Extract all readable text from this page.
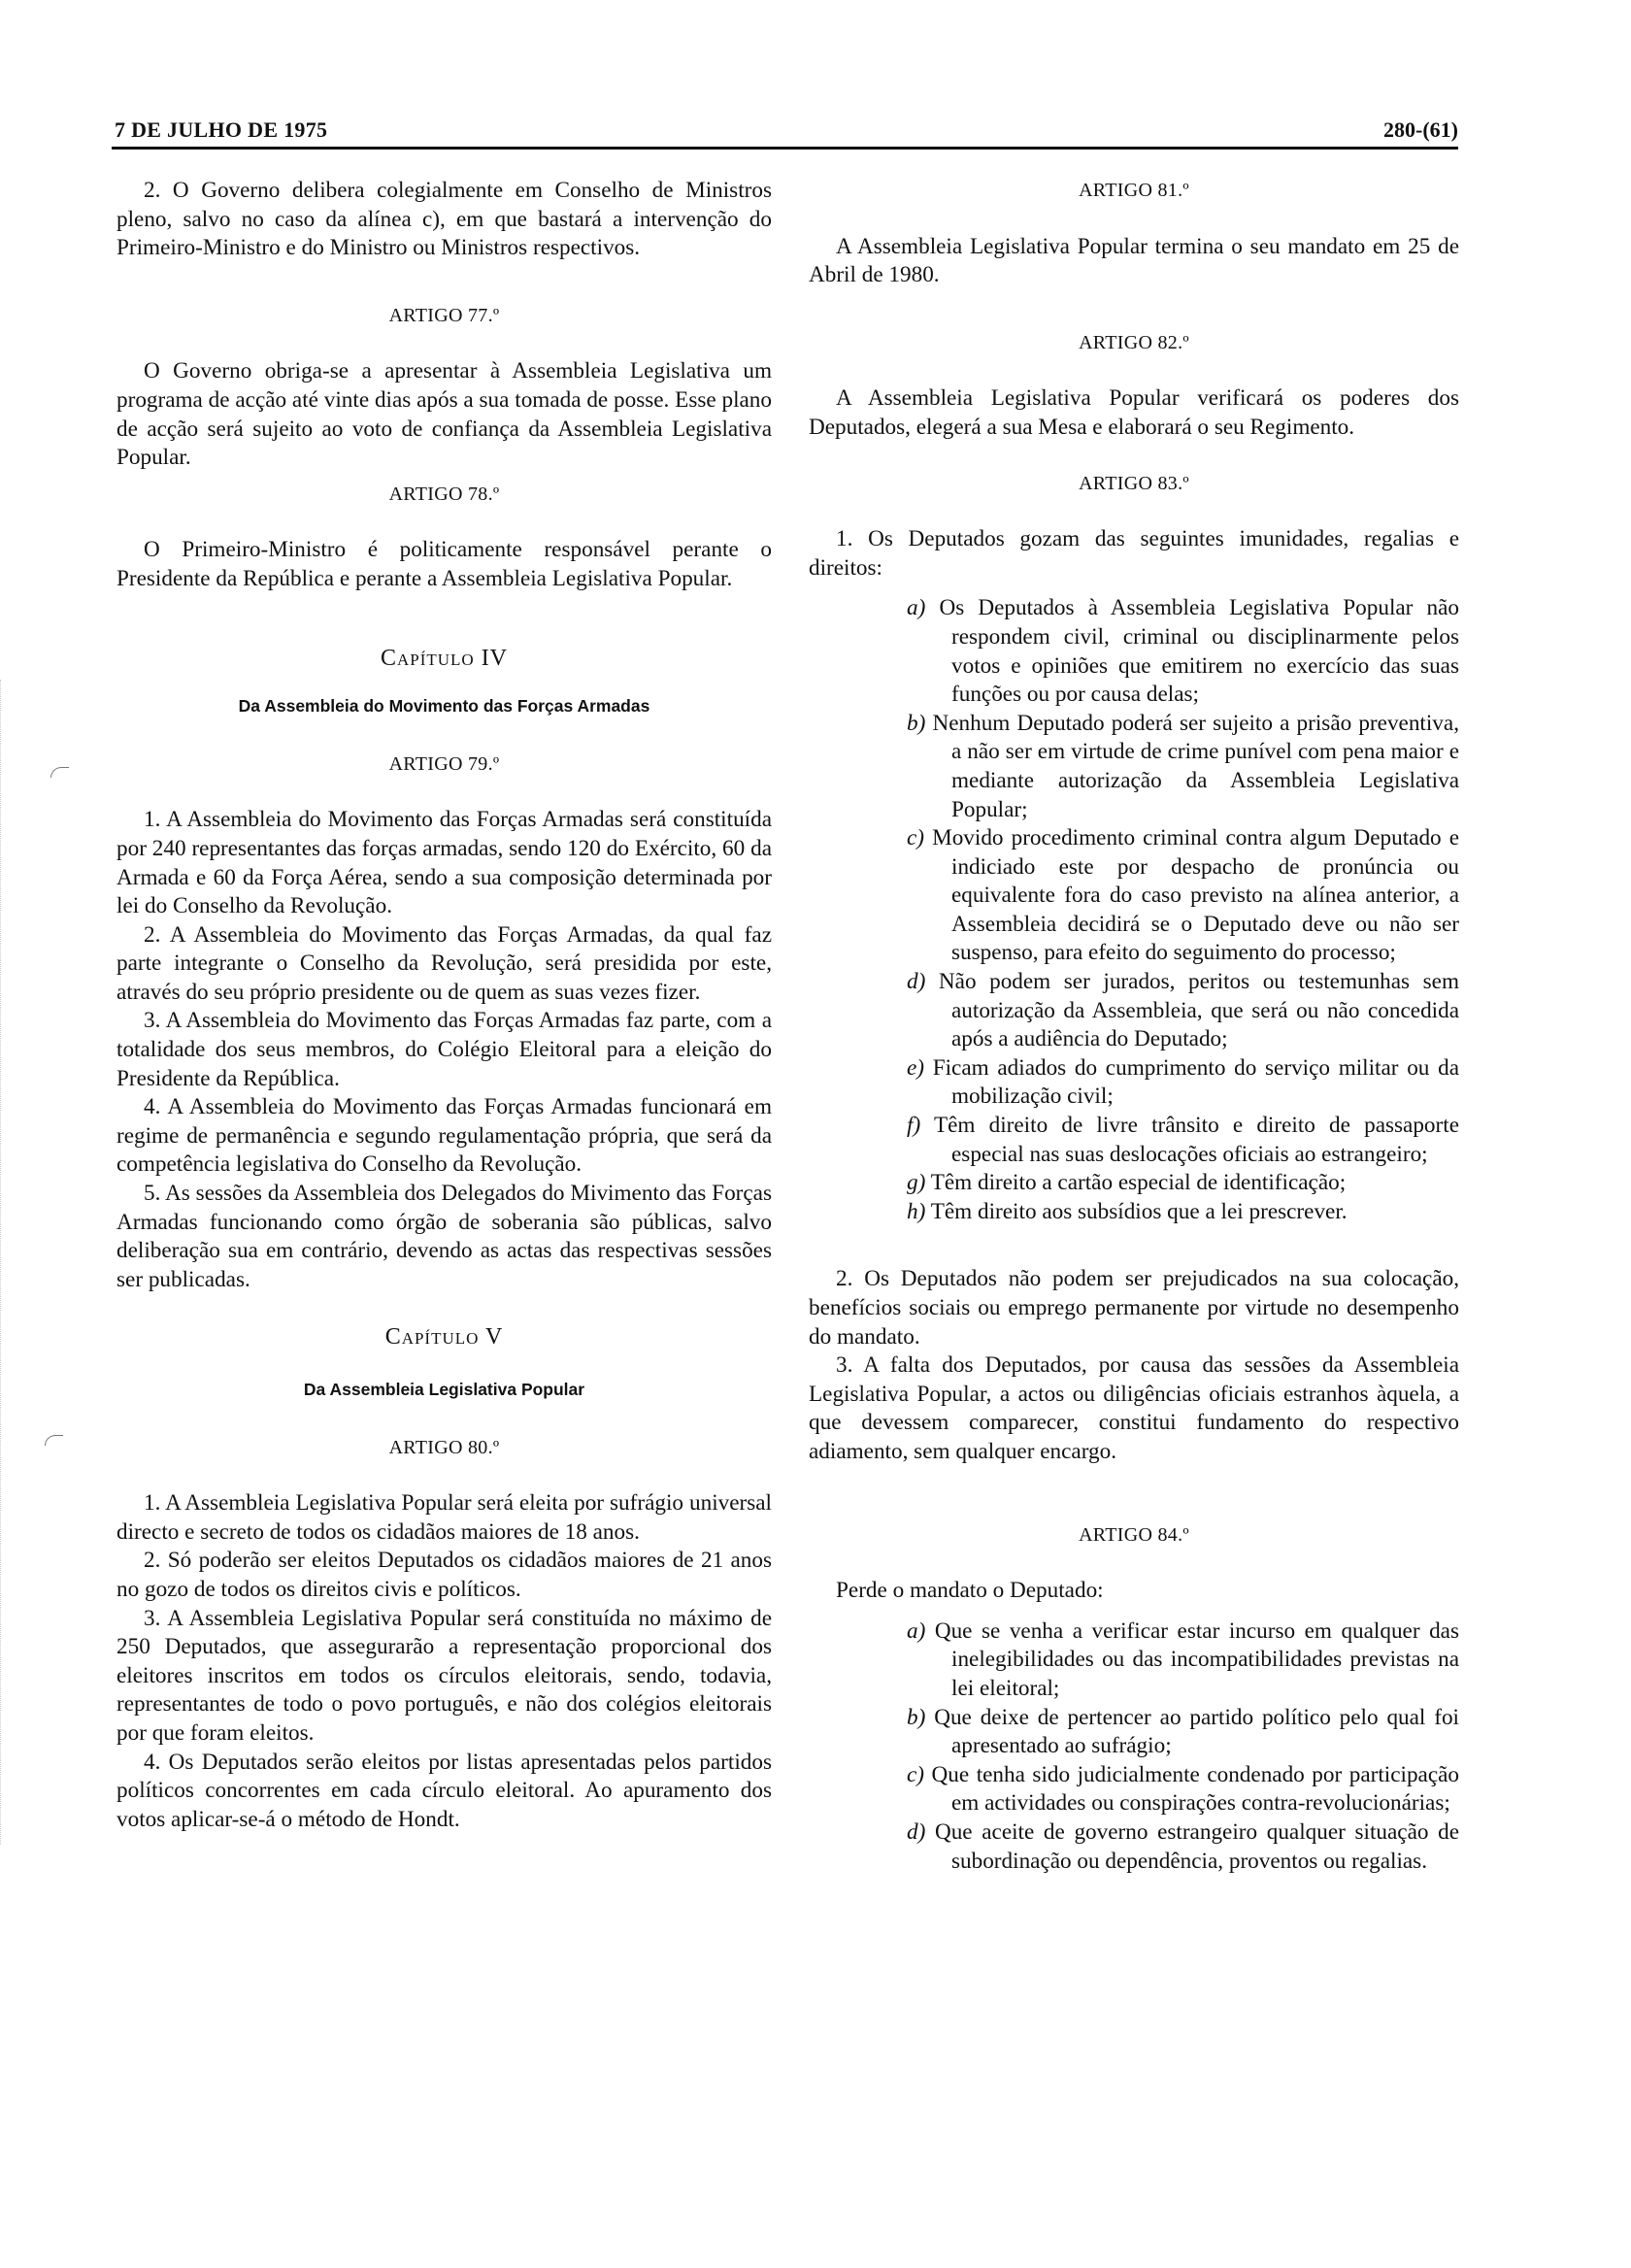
7 DE JULHO DE 1975	280-(61)

2. O Governo delibera colegialmente em Conselho de Ministros pleno, salvo no caso da alínea c), em que bastará a intervenção do Primeiro-Ministro e do Ministro ou Ministros respectivos.

ARTIGO 77.º

O Governo obriga-se a apresentar à Assembleia Legislativa um programa de acção até vinte dias após a sua tomada de posse. Esse plano de acção será sujeito ao voto de confiança da Assembleia Legislativa Popular.

ARTIGO 78.º

O Primeiro-Ministro é politicamente responsável perante o Presidente da República e perante a Assembleia Legislativa Popular.

Capítulo IV

Da Assembleia do Movimento das Forças Armadas

ARTIGO 79.º

1. A Assembleia do Movimento das Forças Armadas será constituída por 240 representantes das forças armadas, sendo 120 do Exército, 60 da Armada e 60 da Força Aérea, sendo a sua composição determinada por lei do Conselho da Revolução.

2. A Assembleia do Movimento das Forças Armadas, da qual faz parte integrante o Conselho da Revolução, será presidida por este, através do seu próprio presidente ou de quem as suas vezes fizer.

3. A Assembleia do Movimento das Forças Armadas faz parte, com a totalidade dos seus membros, do Colégio Eleitoral para a eleição do Presidente da República.

4. A Assembleia do Movimento das Forças Armadas funcionará em regime de permanência e segundo regulamentação própria, que será da competência legislativa do Conselho da Revolução.

5. As sessões da Assembleia dos Delegados do Mivimento das Forças Armadas funcionando como órgão de soberania são públicas, salvo deliberação sua em contrário, devendo as actas das respectivas sessões ser publicadas.

Capítulo V

Da Assembleia Legislativa Popular

ARTIGO 80.º

1. A Assembleia Legislativa Popular será eleita por sufrágio universal directo e secreto de todos os cidadãos maiores de 18 anos.

2. Só poderão ser eleitos Deputados os cidadãos maiores de 21 anos no gozo de todos os direitos civis e políticos.

3. A Assembleia Legislativa Popular será constituída no máximo de 250 Deputados, que assegurarão a representação proporcional dos eleitores inscritos em todos os círculos eleitorais, sendo, todavia, representantes de todo o povo português, e não dos colégios eleitorais por que foram eleitos.

4. Os Deputados serão eleitos por listas apresentadas pelos partidos políticos concorrentes em cada círculo eleitoral. Ao apuramento dos votos aplicar-se-á o método de Hondt.

ARTIGO 81.º

A Assembleia Legislativa Popular termina o seu mandato em 25 de Abril de 1980.

ARTIGO 82.º

A Assembleia Legislativa Popular verificará os poderes dos Deputados, elegerá a sua Mesa e elaborará o seu Regimento.

ARTIGO 83.º

1. Os Deputados gozam das seguintes imunidades, regalias e direitos:

a) Os Deputados à Assembleia Legislativa Popular não respondem civil, criminal ou disciplinarmente pelos votos e opiniões que emitirem no exercício das suas funções ou por causa delas;
b) Nenhum Deputado poderá ser sujeito a prisão preventiva, a não ser em virtude de crime punível com pena maior e mediante autorização da Assembleia Legislativa Popular;
c) Movido procedimento criminal contra algum Deputado e indiciado este por despacho de pronúncia ou equivalente fora do caso previsto na alínea anterior, a Assembleia decidirá se o Deputado deve ou não ser suspenso, para efeito do seguimento do processo;
d) Não podem ser jurados, peritos ou testemunhas sem autorização da Assembleia, que será ou não concedida após a audiência do Deputado;
e) Ficam adiados do cumprimento do serviço militar ou da mobilização civil;
f) Têm direito de livre trânsito e direito de passaporte especial nas suas deslocações oficiais ao estrangeiro;
g) Têm direito a cartão especial de identificação;
h) Têm direito aos subsídios que a lei prescrever.

2. Os Deputados não podem ser prejudicados na sua colocação, benefícios sociais ou emprego permanente por virtude no desempenho do mandato.

3. A falta dos Deputados, por causa das sessões da Assembleia Legislativa Popular, a actos ou diligências oficiais estranhos àquela, a que devessem comparecer, constitui fundamento do respectivo adiamento, sem qualquer encargo.

ARTIGO 84.º

Perde o mandato o Deputado:

a) Que se venha a verificar estar incurso em qualquer das inelegibilidades ou das incompatibilidades previstas na lei eleitoral;
b) Que deixe de pertencer ao partido político pelo qual foi apresentado ao sufrágio;
c) Que tenha sido judicialmente condenado por participação em actividades ou conspirações contra-revolucionárias;
d) Que aceite de governo estrangeiro qualquer situação de subordinação ou dependência, proventos ou regalias.
